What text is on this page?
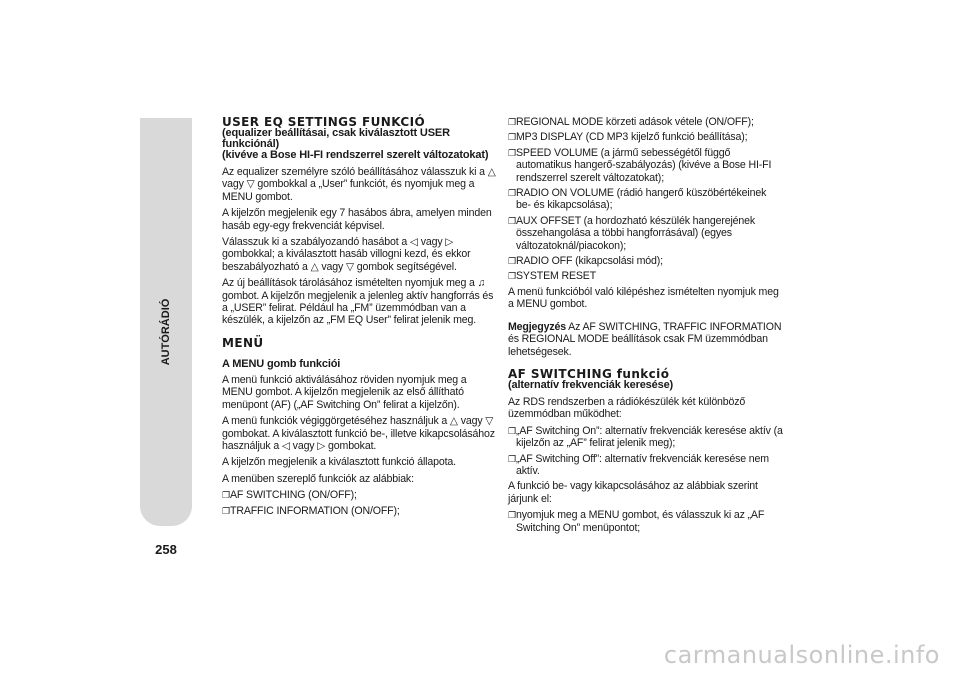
AUTÓRÁDIÓ
258
USER EQ SETTINGS FUNKCIÓ
(equalizer beállításai, csak kiválasztott USER
funkciónál)
(kivéve a Bose HI-FI rendszerrel szerelt változatokat)

Az equalizer személyre szóló beállításához válasszuk ki a △ vagy ▽ gombokkal a „User” funkciót, és nyomjuk meg a MENU gombot.

A kijelzőn megjelenik egy 7 hasábos ábra, amelyen minden hasáb egy-egy frekvenciát képvisel.

Válasszuk ki a szabályozandó hasábot a ◁ vagy ▷ gombokkal; a kiválasztott hasáb villogni kezd, és ekkor beszabályozható a △ vagy ▽ gombok segítségével.

Az új beállítások tárolásához ismételten nyomjuk meg a ♫ gombot. A kijelzőn megjelenik a jelenleg aktív hangforrás és a „USER” felirat. Például ha „FM” üzemmódban van a készülék, a kijelzőn az „FM EQ User” felirat jelenik meg.

MENÜ
A MENU gomb funkciói

A menü funkció aktiválásához röviden nyomjuk meg a MENU gombot. A kijelzőn megjelenik az első állítható menüpont (AF) („AF Switching On” felirat a kijelzőn).

A menü funkciók végiggörgetéséhez használjuk a △ vagy ▽ gombokat. A kiválasztott funkció be-, illetve kikapcsolásához használjuk a ◁ vagy ▷ gombokat.

A kijelzőn megjelenik a kiválasztott funkció állapota.

A menüben szereplő funkciók az alábbiak:

❐ AF SWITCHING (ON/OFF);
❐ TRAFFIC INFORMATION (ON/OFF);
❐ REGIONAL MODE körzeti adások vétele (ON/OFF);
❐ MP3 DISPLAY (CD MP3 kijelző funkció beállítása);
❐ SPEED VOLUME (a jármű sebességétől függő automatikus hangerő-szabályozás) (kivéve a Bose HI-FI rendszerrel szerelt változatokat);
❐ RADIO ON VOLUME (rádió hangerő küszöbértékeinek be- és kikapcsolása);
❐ AUX OFFSET (a hordozható készülék hangerejének összehangolása a többi hangforrásával) (egyes változatoknál/piacokon);
❐ RADIO OFF (kikapcsolási mód);
❐ SYSTEM RESET

A menü funkcióból való kilépéshez ismételten nyomjuk meg a MENU gombot.

Megjegyzés Az AF SWITCHING, TRAFFIC INFORMATION és REGIONAL MODE beállítások csak FM üzemmódban lehetségesek.

AF SWITCHING funkció
(alternatív frekvenciák keresése)

Az RDS rendszerben a rádiókészülék két különböző üzemmódban működhet:

❐ „AF Switching On”: alternatív frekvenciák keresése aktív (a kijelzőn az „AF” felirat jelenik meg);
❐ „AF Switching Off”: alternatív frekvenciák keresése nem aktív.

A funkció be- vagy kikapcsolásához az alábbiak szerint járjunk el:

❐ nyomjuk meg a MENU gombot, és válasszuk ki az „AF Switching On” menüpontot;
carmanualsonline.info
